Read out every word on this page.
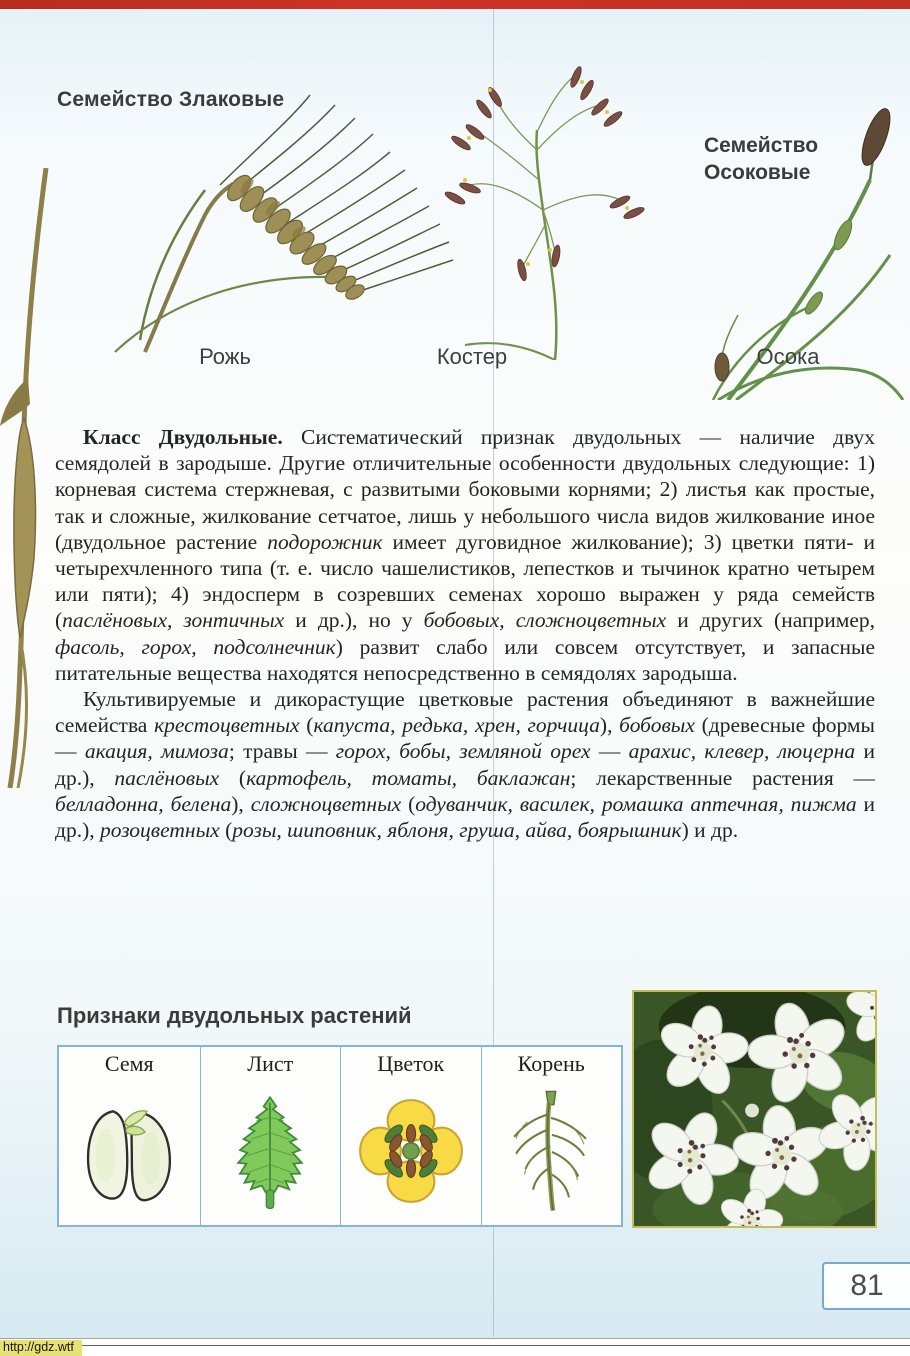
Семейство Злаковые
Семейство Осоковые
Рожь	Костер	Осока

Класс Двудольные. Систематический признак двудольных — наличие двух семядолей в зародыше. Другие отличительные особенности двудольных следующие: 1) корневая система стержневая, с развитыми боковыми корнями; 2) листья как простые, так и сложные, жилкование сетчатое, лишь у небольшого числа видов жилкование иное (двудольное растение подорожник имеет дуговидное жилкование); 3) цветки пяти- и четырехчленного типа (т. е. число чашелистиков, лепестков и тычинок кратно четырем или пяти); 4) эндосперм в созревших семенах хорошо выражен у ряда семейств (паслёновых, зонтичных и др.), но у бобовых, сложноцветных и других (например, фасоль, горох, подсолнечник) развит слабо или совсем отсутствует, и запасные питательные вещества находятся непосредственно в семядолях зародыша.

Культивируемые и дикорастущие цветковые растения объединяют в важнейшие семейства крестоцветных (капуста, редька, хрен, горчица), бобовых (древесные формы — акация, мимоза; травы — горох, бобы, земляной орех — арахис, клевер, люцерна и др.), паслёновых (картофель, томаты, баклажан; лекарственные растения — белладонна, белена), сложноцветных (одуванчик, василек, ромашка аптечная, пижма и др.), розоцветных (розы, шиповник, яблоня, груша, айва, боярышник) и др.

Признаки двудольных растений
Семя	Лист	Цветок	Корень
81
http://gdz.wtf
